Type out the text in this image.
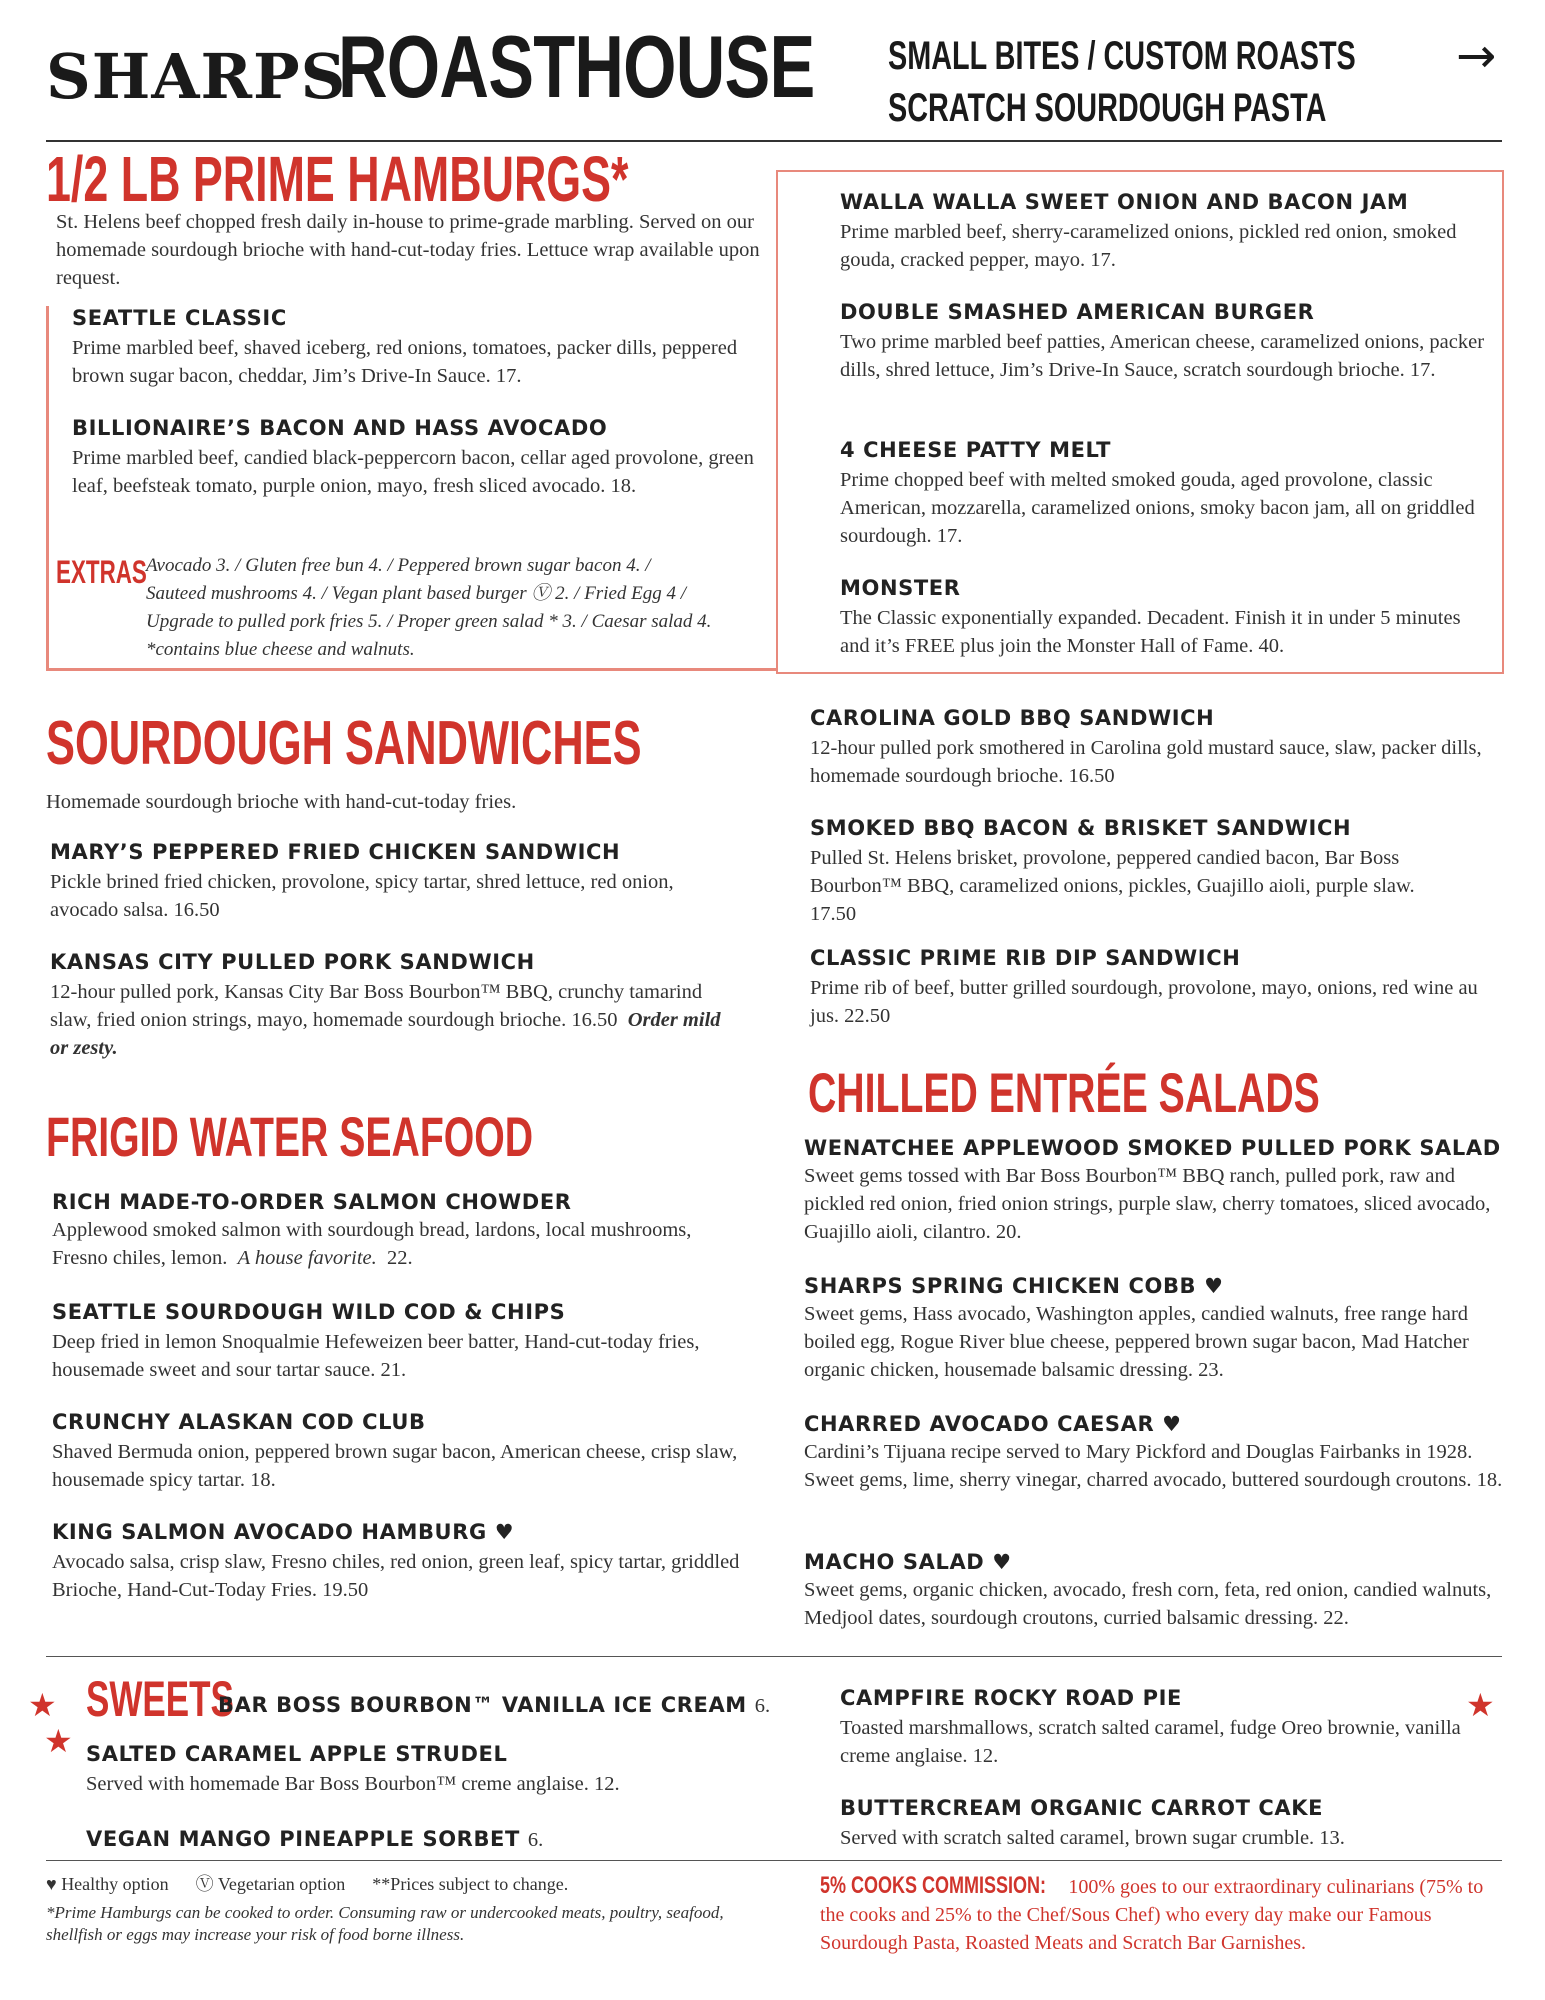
SHARPS
ROASTHOUSE SMALL BITES / CUSTOM ROASTS
SCRATCH SOURDOUGH PASTA
→
1/2 LB PRIME HAMBURGS*
St. Helens beef chopped fresh daily in-house to prime-grade marbling. Served on our homemade sourdough brioche with hand-cut-today fries. Lettuce wrap available upon request.
SEATTLE CLASSIC
Prime marbled beef, shaved iceberg, red onions, tomatoes, packer dills, peppered brown sugar bacon, cheddar, Jim’s Drive-In Sauce. 17.
BILLIONAIRE’S BACON AND HASS AVOCADO
Prime marbled beef, candied black-peppercorn bacon, cellar aged provolone, green leaf, beefsteak tomato, purple onion, mayo, fresh sliced avocado. 18.
EXTRAS Avocado 3. / Gluten free bun 4. / Peppered brown sugar bacon 4. /
Sauteed mushrooms 4. / Vegan plant based burger Ⓥ 2. / Fried Egg 4 /
Upgrade to pulled pork fries 5. / Proper green salad * 3. / Caesar salad 4.
*contains blue cheese and walnuts.
WALLA WALLA SWEET ONION AND BACON JAM
Prime marbled beef, sherry-caramelized onions, pickled red onion, smoked gouda, cracked pepper, mayo. 17.
DOUBLE SMASHED AMERICAN BURGER
Two prime marbled beef patties, American cheese, caramelized onions, packer dills, shred lettuce, Jim’s Drive-In Sauce, scratch sourdough brioche. 17.
4 CHEESE PATTY MELT
Prime chopped beef with melted smoked gouda, aged provolone, classic American, mozzarella, caramelized onions, smoky bacon jam, all on griddled sourdough. 17.
MONSTER
The Classic exponentially expanded. Decadent. Finish it in under 5 minutes and it’s FREE plus join the Monster Hall of Fame. 40.
SOURDOUGH SANDWICHES
Homemade sourdough brioche with hand-cut-today fries.
MARY’S PEPPERED FRIED CHICKEN SANDWICH
Pickle brined fried chicken, provolone, spicy tartar, shred lettuce, red onion, avocado salsa. 16.50
KANSAS CITY PULLED PORK SANDWICH
12-hour pulled pork, Kansas City Bar Boss Bourbon™ BBQ, crunchy tamarind slaw, fried onion strings, mayo, homemade sourdough brioche. 16.50 Order mild or zesty.
CAROLINA GOLD BBQ SANDWICH
12-hour pulled pork smothered in Carolina gold mustard sauce, slaw, packer dills, homemade sourdough brioche. 16.50
SMOKED BBQ BACON & BRISKET SANDWICH
Pulled St. Helens brisket, provolone, peppered candied bacon, Bar Boss Bourbon™ BBQ, caramelized onions, pickles, Guajillo aioli, purple slaw. 17.50
CLASSIC PRIME RIB DIP SANDWICH
Prime rib of beef, butter grilled sourdough, provolone, mayo, onions, red wine au jus. 22.50
FRIGID WATER SEAFOOD
RICH MADE-TO-ORDER SALMON CHOWDER
Applewood smoked salmon with sourdough bread, lardons, local mushrooms, Fresno chiles, lemon. A house favorite. 22.
SEATTLE SOURDOUGH WILD COD & CHIPS
Deep fried in lemon Snoqualmie Hefeweizen beer batter, Hand-cut-today fries, housemade sweet and sour tartar sauce. 21.
CRUNCHY ALASKAN COD CLUB
Shaved Bermuda onion, peppered brown sugar bacon, American cheese, crisp slaw, housemade spicy tartar. 18.
KING SALMON AVOCADO HAMBURG ♥
Avocado salsa, crisp slaw, Fresno chiles, red onion, green leaf, spicy tartar, griddled Brioche, Hand-Cut-Today Fries. 19.50
CHILLED ENTRÉE SALADS
WENATCHEE APPLEWOOD SMOKED PULLED PORK SALAD
Sweet gems tossed with Bar Boss Bourbon™ BBQ ranch, pulled pork, raw and pickled red onion, fried onion strings, purple slaw, cherry tomatoes, sliced avocado, Guajillo aioli, cilantro. 20.
SHARPS SPRING CHICKEN COBB ♥
Sweet gems, Hass avocado, Washington apples, candied walnuts, free range hard boiled egg, Rogue River blue cheese, peppered brown sugar bacon, Mad Hatcher organic chicken, housemade balsamic dressing. 23.
CHARRED AVOCADO CAESAR ♥
Cardini’s Tijuana recipe served to Mary Pickford and Douglas Fairbanks in 1928. Sweet gems, lime, sherry vinegar, charred avocado, buttered sourdough croutons. 18.
MACHO SALAD ♥
Sweet gems, organic chicken, avocado, fresh corn, feta, red onion, candied walnuts, Medjool dates, sourdough croutons, curried balsamic dressing. 22.
★
★
★
SWEETS
BAR BOSS BOURBON™ VANILLA ICE CREAM 6.
SALTED CARAMEL APPLE STRUDEL
Served with homemade Bar Boss Bourbon™ creme anglaise. 12.
VEGAN MANGO PINEAPPLE SORBET 6.
CAMPFIRE ROCKY ROAD PIE
Toasted marshmallows, scratch salted caramel, fudge Oreo brownie, vanilla creme anglaise. 12.
BUTTERCREAM ORGANIC CARROT CAKE
Served with scratch salted caramel, brown sugar crumble. 13.
♥ Healthy option      Ⓥ Vegetarian option      **Prices subject to change.
*Prime Hamburgs can be cooked to order. Consuming raw or undercooked meats, poultry, seafood, shellfish or eggs may increase your risk of food borne illness.
5% COOKS COMMISSION: 100% goes to our extraordinary culinarians (75% to the cooks and 25% to the Chef/Sous Chef) who every day make our Famous Sourdough Pasta, Roasted Meats and Scratch Bar Garnishes.
